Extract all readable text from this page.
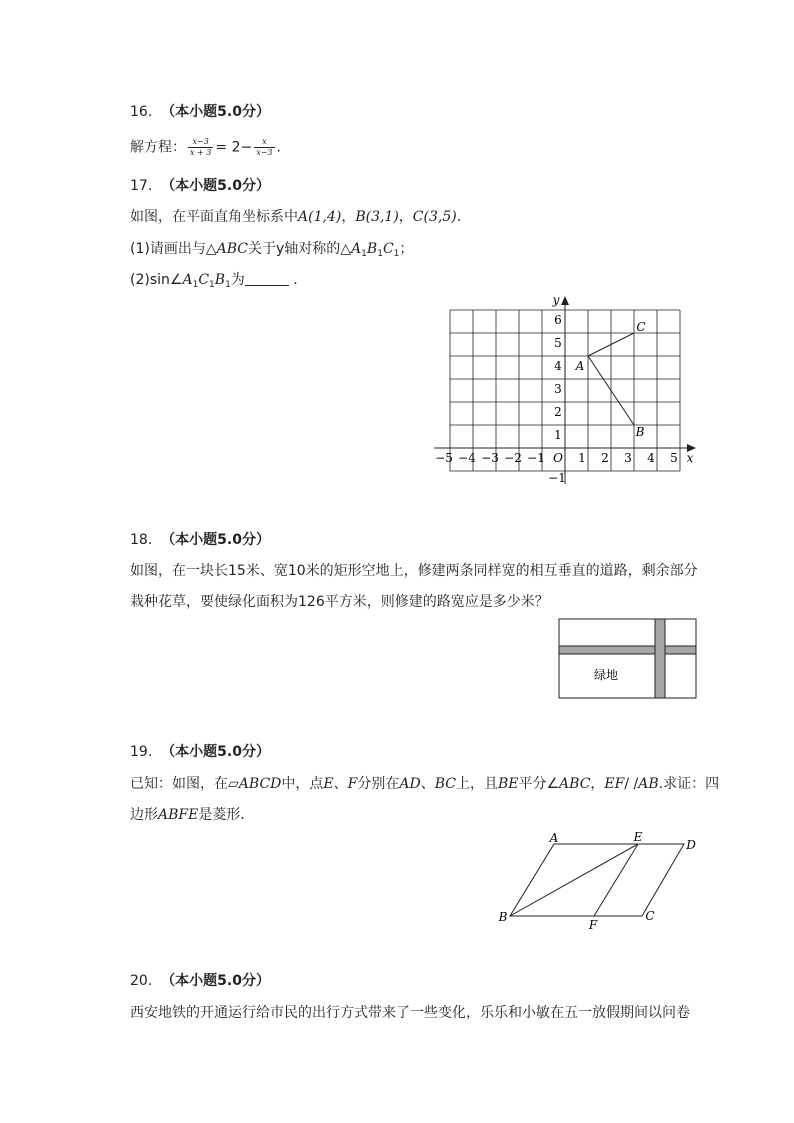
16. （本小题5.0分）
解方程： $\frac{x-3}{x + 3} = 2- \frac{x}{x-3}$ .
17. （本小题5.0分）
如图，在平面直角坐标系中A(1,4)，B(3,1)，C(3,5).
(1)请画出与△ABC关于y轴对称的$\triangle A_1B_1C_1$；
$(2)\sin\angle A_1C_1B_1$为	.
−5 −4 −3 −2 −1	1 2 3 4 5
1
2
3
4
5
6
−1
O	x
y
A
B
C
18. （本小题5.0分）
如图，在一块长15米、宽10米的矩形空地上，修建两条同样宽的相互垂直的道路，剩余部分
栽种花草，要使绿化面积为126平方米，则修建的路宽应是多少米？
绿地
19. （本小题5.0分）
已知：如图，在▱ABCD中，点E、F分别在AD、BC上，且BE平分∠ABC，EF/ /AB.求证：四
边形ABFE是菱形．
A	E
D
B
F
C
20. （本小题5.0分）
西安地铁的开通运行给市民的出行方式带来了一些变化，乐乐和小敏在五一放假期间以问卷
